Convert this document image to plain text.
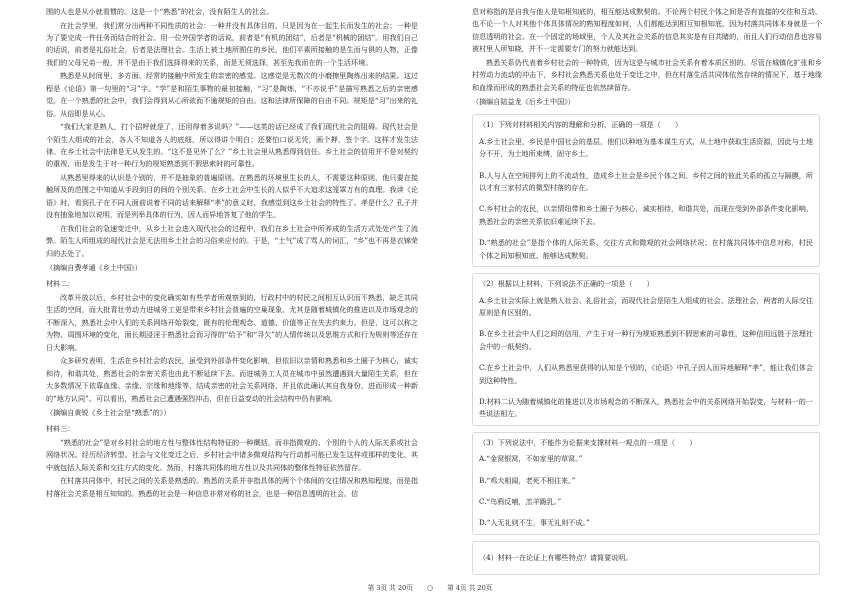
围的人也是从小就看惯的。这是一个“熟悉”的社会，没有陌生人的社会。

在社会学里，我们常分出两种不同性质的社会：一种并没有具体目的，只是因为在一起生长而发生的社会；一种是为了要完成一件任务而结合的社会。用一位外国学者的话说，前者是“有机的团结”，后者是“机械的团结”。用我们自己的话说，前者是礼俗社会，后者是法理社会。生活上被土地所囿住的乡民，他们平素所接触的是生而与俱的人物，正像我们的父母兄弟一般，并不是由于我们选择得来的关系，而是无须选择，甚至先我而在的一个生活环境。

熟悉是从时间里、多方面、经常的接触中所发生的亲密的感觉。这感觉是无数次的小磨擦里陶炼出来的结果。这过程是《论语》第一句里的“习”字。“学”是和陌生事物的最初接触，“习”是陶炼，“不亦说乎”是描写熟悉之后的亲密感觉。在一个熟悉的社会中，我们会得到从心所欲而不逾规矩的自由。这和法律所保障的自由不同。规矩是“习”出来的礼俗。从俗即是从心。

“我们大家是熟人，打个招呼就是了，还用得着多说吗？”——这类的话已经成了我们现代社会的阻碍。现代社会是个陌生人组成的社会，各人不知道各人的底细，所以得讲个明白；还要怕口说无凭，画个押，签个字。这样才发生法律。在乡土社会中法律是无从发生的。“这不是见外了么？”乡土社会里从熟悉得到信任。乡土社会的信用并不是对契约的重视，而是发生于对一种行为的规矩熟悉到不假思索时的可靠性。

从熟悉里得来的认识是个别的，并不是抽象的普遍原则。在熟悉的环境里生长的人，不需要这种原则，他只要在接触所及的范围之中知道从手段到目的间的个别关系。在乡土社会中生长的人似乎不大追求这笼罩万有的真理。我读《论语》时，看到孔子在不同人面前说着不同的话来解释“孝”的意义时，我感觉到这乡土社会的特性了。孝是什么？孔子并没有抽象地加以说明，而是列举具体的行为，因人而异地答复了他的学生。

在我们社会的急速变迁中，从乡土社会进入现代社会的过程中，我们在乡土社会中所养成的生活方式处处产生了流弊。陌生人所组成的现代社会是无法用乡土社会的习俗来应付的。于是，“土气”成了骂人的词汇，“乡”也不再是衣锦荣归的去处了。

（摘编自费孝通《乡土中国》）

材料二：

改革开放以后，乡村社会中的变化确实如有些学者所观察到的，行政村中的村民之间相互认识而不熟悉，缺乏共同生活的空间，而大批青壮劳动力进城务工更是带来乡村社会普遍的空巢现象。尤其是随着城镇化的推进以及市场观念的不断深入，熟悉社会中人们的关系网络开始裂变，既有的伦理观念、道德、价值等正在失去约束力。但是，这可以称之为物、周围环境的变化，面长期浸淫于熟悉社会而习得的“给予”和“寻欠”的人情传统以及思维方式和行为规则等还存在日大影响。

众多研究表明，生活在乡村社会的农民，虽受到外部条件变化影响，但依旧以亲情和熟悉和乡土圈子为核心，诚实和待，和谐共处，熟悉社会的亲密关系也由此不断延续下去。而进城务工人员在城市中虽然遭遇到大量陌生关系，但在大多数情况下依靠血缘、亲缘、宗缘和地缘等，结成亲密的社会关系网络，并且依此确认其自我身份，进而形成一种新的“地方认同”。可以看出，熟悉社会已遭遇强烈冲击，但在日益变动的社会结构中仍有影响。

（摘编自黄锐《乡土社会是“熟悉”的》）

材料三：

“熟悉的社会”是对乡村社会的地方性与整体性结构特征的一种概括，而非指微观的、个别的个人的人际关系或社会网络状况。经历经济转型、社会与文化变迁之后，乡村社会中诸多微观结构与行动都可能已发生这样或那样的变化，其中就包括人际关系和交往方式的变化。然而，村落共同体的地方性以及共同体的整体性特征依然留存。

在村落共同体中，村民之间的关系是熟悉的。熟悉的关系并非指具体的两个个体间的交往情况和熟知程度，而是指村落社会关系是相互知知的。熟悉的社会是一种信息非常对称的社会，也是一种信息透明的社会。信

息对称指的是自我与他人是知根知底的，相互能达成默契的。不论两个村民个体之间是否有直接的交往和互动，也不论一个人对其他个体具体情况的熟知程度如何，人们都能达到相互知根知底，因为村落共同体本身就是一个信息透明的社会。在一个固定的场域里，个人及其社会关系的信息其实是有目共睹的，而且人们行动信息也容易被村里人所知晓，并不一定需要专门的努力就能达到。

熟悉关系仍代表着乡村社会的一种特质，因为这是与城市社会关系有着本质区别的。尽管在城镇化扩张和乡村劳动力流动的冲击下，乡村社会熟悉关系也处于变迁之中，但在村落生活共同体依然存续的情况下，基于地缘和血缘而形成的熟悉社会关系的特征也依然续留存。

（摘编自陆益龙《后乡土中国》）

（1）下列对材料相关内容的理解和分析，正确的一项是（　　）

A.乡土社会里，乡民是中国社会的基层，他们以种地为基本谋生方式，从土地中获取生活资源，因此与土地分不开，为土地所束缚，固守乡土。

B.人与人在空间排列上的不流动性，造成乡土社会是乡民个体之间、乡村之间的彼此关系的孤立与隔膜，所以才有三家村式的微型村落的存在。

C.乡村社会的农民，以亲情纽带和乡土圈子为核心，诚实相待，和谐共处，而现在受到外部条件变化影响，熟悉社会的亲密关系依旧难延续下去。

D.“熟悉的社会”是指个体的人际关系、交往方式和微观的社会网络状况；在村落共同体中信息对称，村民个体之间知根知底、能够达成默契。

（2）根据以上材料，下列说法不正确的一项是（　　）

A.乡土社会实际上就是熟人社会、礼俗社会，而现代社会是陌生人组成的社会、法理社会，两者的人际交往原则是有区别的。

B.在乡土社会中人们之间的信用，产生于对一种行为规矩熟悉到不假思索的可靠性，这种信用远胜于法理社会中的一纸契约。

C.在乡土社会中，人们从熟悉里获得的认知是个别的，《论语》中孔子因人而异地解释“孝”，能让我们体会到这种特性。

D.材料二认为随着城镇化的推进以及市场观念的不断深入，熟悉社会中的关系网络开始裂变，与材料一的一些说法相左。

（3）下列说法中，不能作为论据来支撑材料一观点的一项是（　　）

A.“金窝银窝，不如家里的草窝。”

B.“鸡犬相闻，老死不相往来。”

C.“鸟鸦反哺，羔羊跪乳。”

D.“人无礼则不生，事无礼则不成。”

（4）材料一在论证上有哪些特点？请简要说明。

第 3页 共 20页 ○ 第 4页 共 20页
